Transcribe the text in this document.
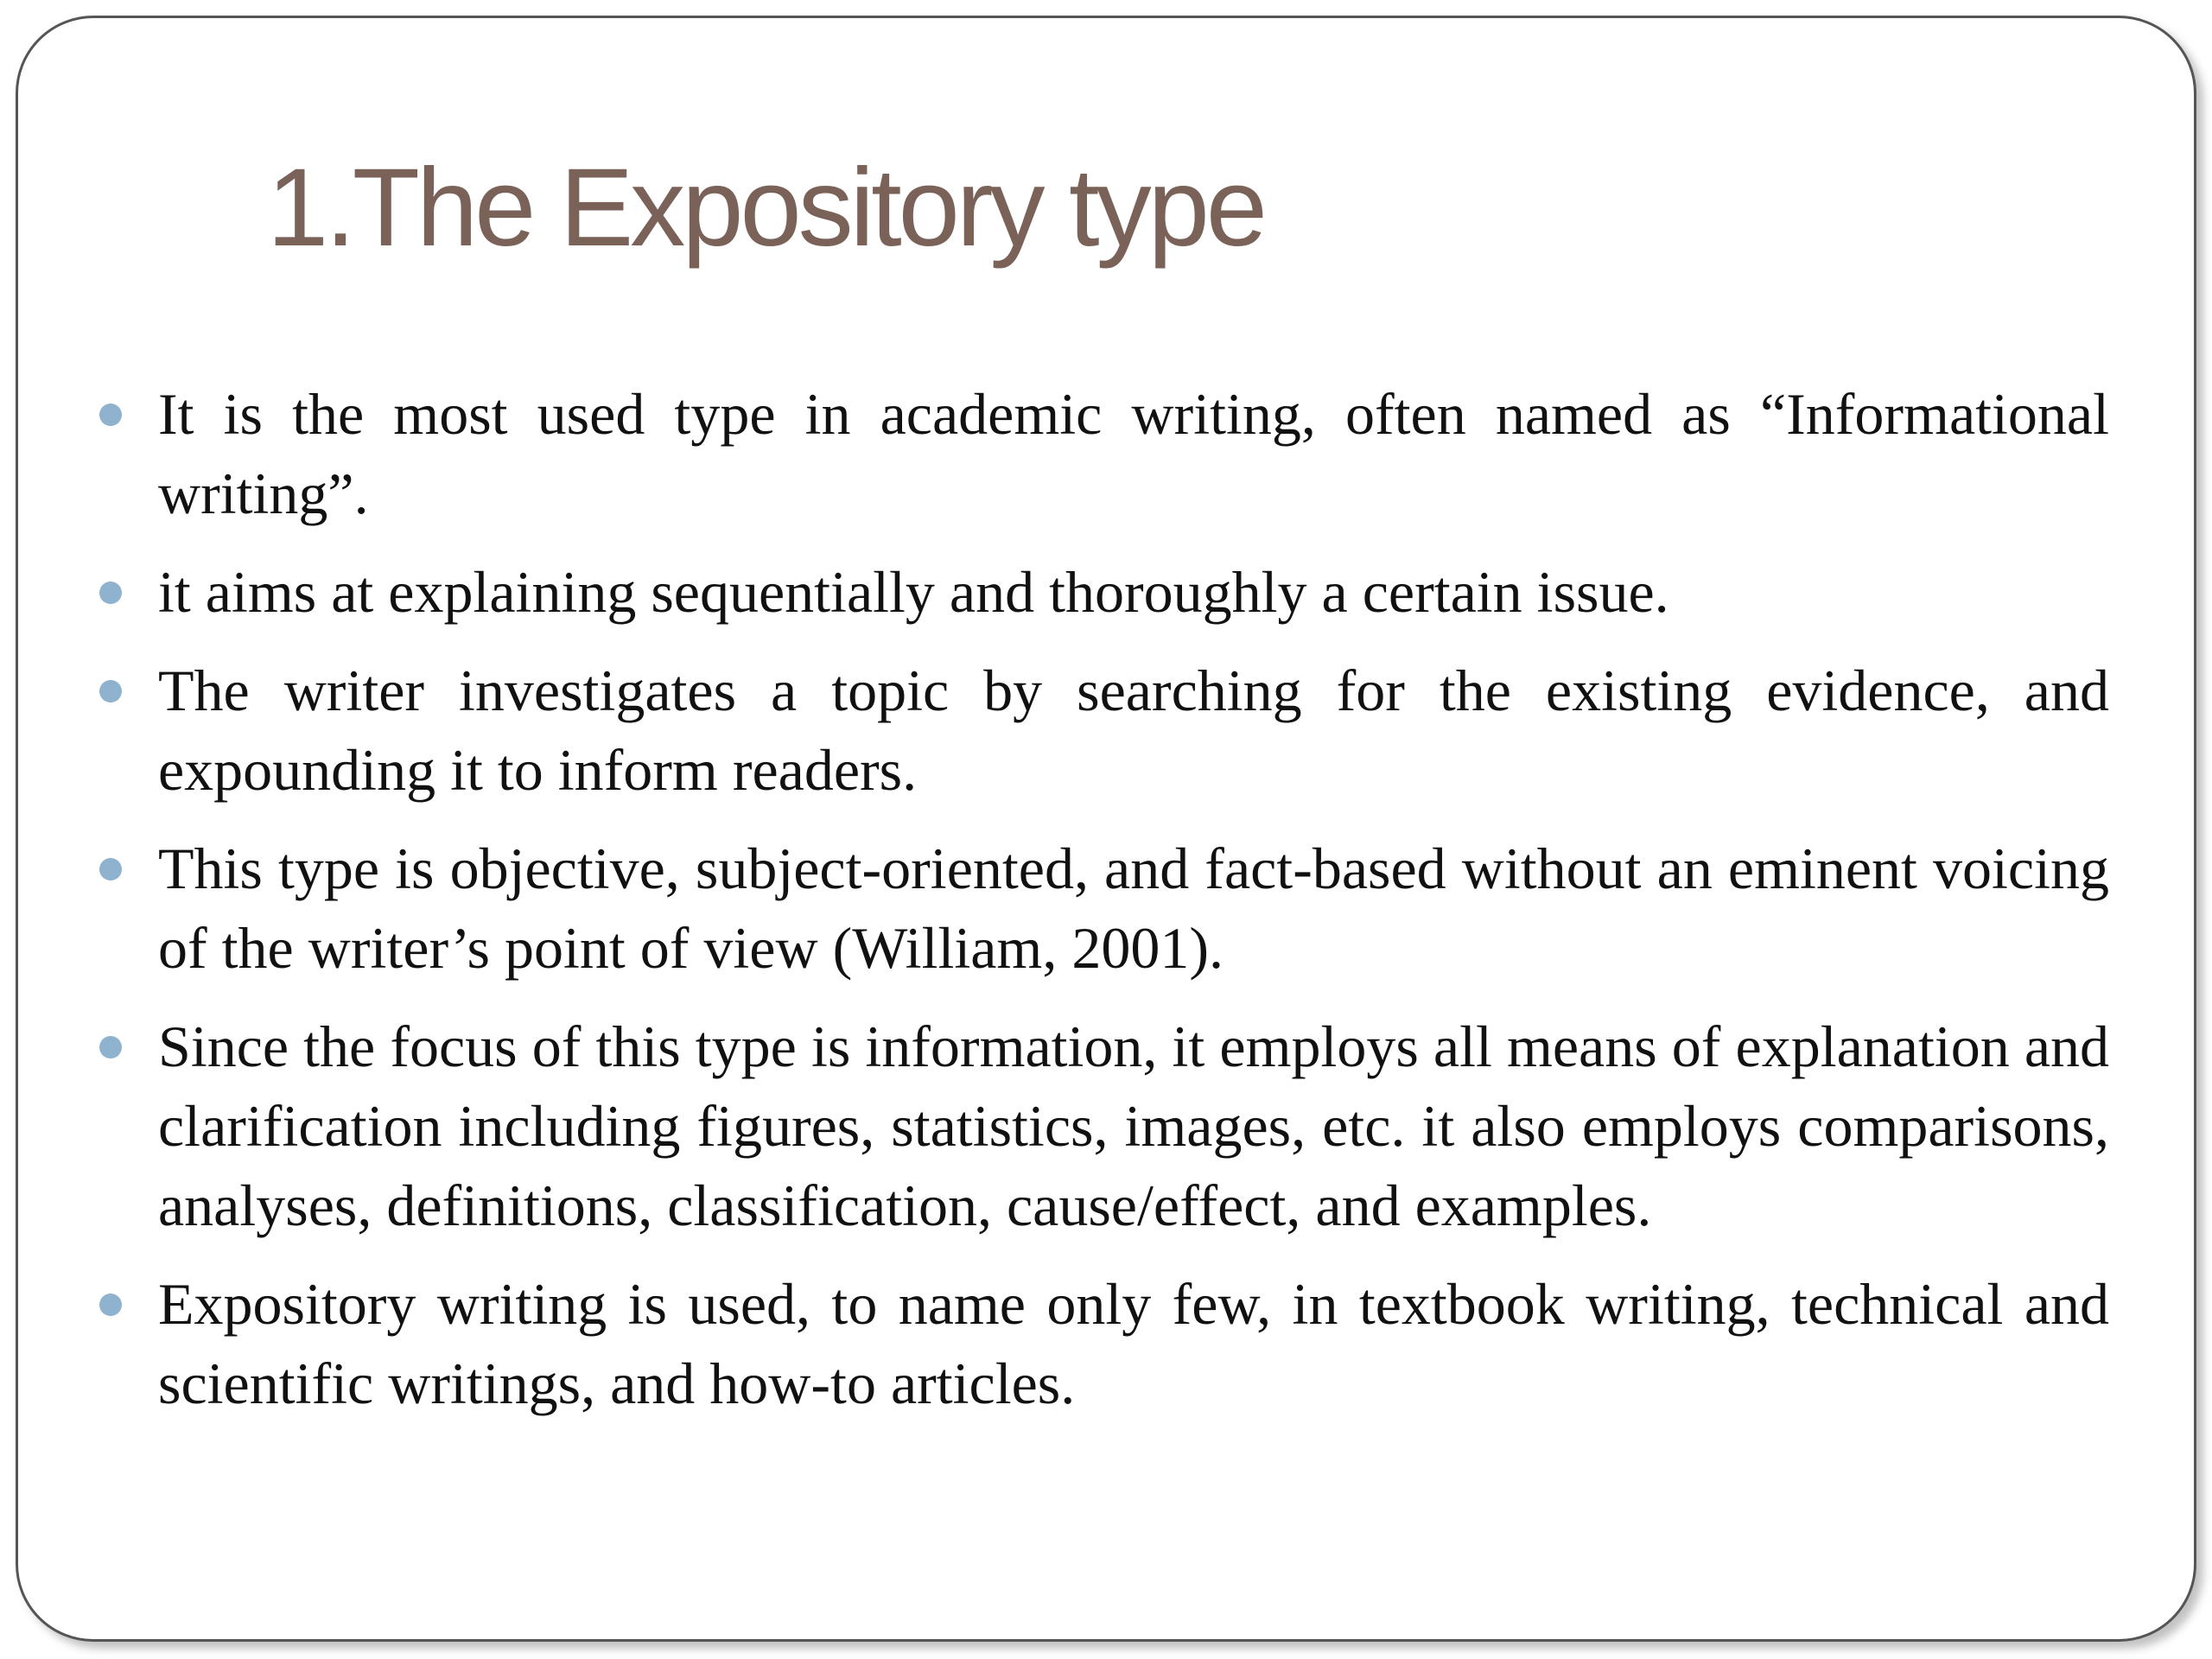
1.The Expository type
It is the most used type in academic writing, often named as “Informational writing”.
it aims at explaining sequentially and thoroughly a certain issue.
The writer investigates a topic by searching for the existing evidence, and expounding it to inform readers.
This type is objective, subject-oriented, and fact-based without an eminent voicing of the writer’s point of view (William, 2001).
Since the focus of this type is information, it employs all means of explanation and clarification including figures, statistics, images, etc. it also employs comparisons, analyses, definitions, classification, cause/effect, and examples.
Expository writing is used, to name only few, in textbook writing, technical and scientific writings, and how-to articles.
